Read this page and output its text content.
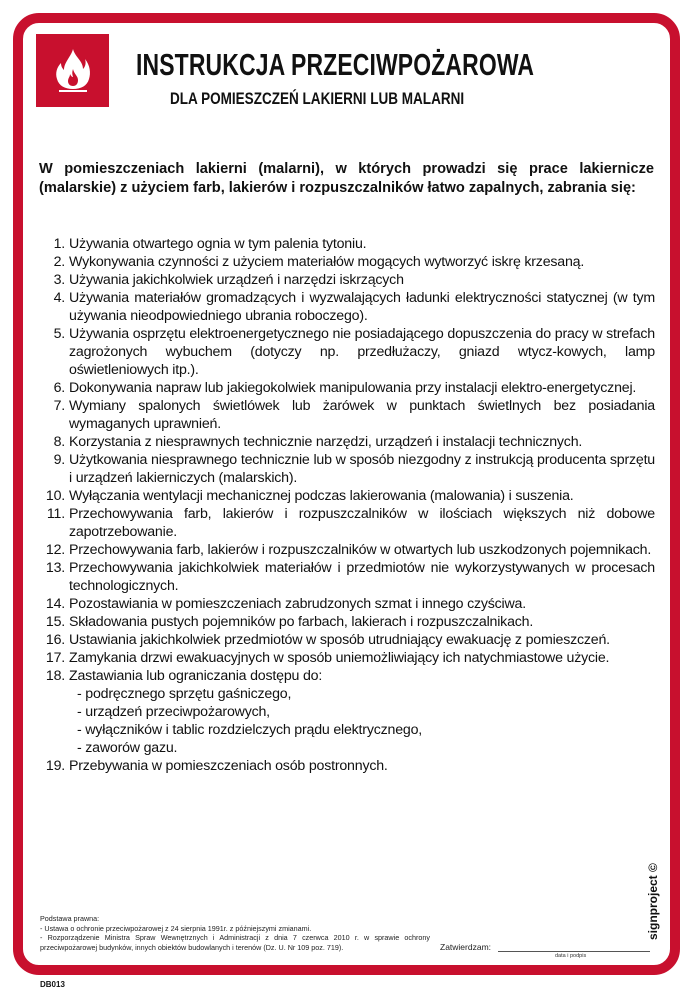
INSTRUKCJA PRZECIWPOŻAROWA
DLA POMIESZCZEŃ LAKIERNI LUB MALARNI
W pomieszczeniach lakierni (malarni), w których prowadzi się prace lakiernicze (malarskie) z użyciem farb, lakierów i rozpuszczalników łatwo zapalnych, zabrania się:
1. Używania otwartego ognia w tym palenia tytoniu.
2. Wykonywania czynności z użyciem materiałów mogących wytworzyć iskrę krzesaną.
3. Używania jakichkolwiek urządzeń i narzędzi iskrzących
4. Używania materiałów gromadzących i wyzwalających ładunki elektryczności statycznej (w tym używania nieodpowiedniego ubrania roboczego).
5. Używania osprzętu elektroenergetycznego nie posiadającego dopuszczenia do pracy w strefach zagrożonych wybuchem (dotyczy np. przedłużaczy, gniazd wtycz-kowych, lamp oświetleniowych itp.).
6. Dokonywania napraw lub jakiegokolwiek manipulowania przy instalacji elektro-energetycznej.
7. Wymiany spalonych świetlówek lub żarówek w punktach świetlnych bez posiadania wymaganych uprawnień.
8. Korzystania z niesprawnych technicznie narzędzi, urządzeń i instalacji technicznych.
9. Użytkowania niesprawnego technicznie lub w sposób niezgodny z instrukcją producenta sprzętu i urządzeń lakierniczych (malarskich).
10. Wyłączania wentylacji mechanicznej podczas lakierowania (malowania) i suszenia.
11. Przechowywania farb, lakierów i rozpuszczalników w ilościach większych niż dobowe zapotrzebowanie.
12. Przechowywania farb, lakierów i rozpuszczalników w otwartych lub uszkodzonych pojemnikach.
13. Przechowywania jakichkolwiek materiałów i przedmiotów nie wykorzystywanych w procesach technologicznych.
14. Pozostawiania w pomieszczeniach zabrudzonych szmat i innego czyściwa.
15. Składowania pustych pojemników po farbach, lakierach i rozpuszczalnikach.
16. Ustawiania jakichkolwiek przedmiotów w sposób utrudniający ewakuację z pomieszczeń.
17. Zamykania drzwi ewakuacyjnych w sposób uniemożliwiający ich natychmiastowe użycie.
18. Zastawiania lub ograniczania dostępu do:
- podręcznego sprzętu gaśniczego,
- urządzeń przeciwpożarowych,
- wyłączników i tablic rozdzielczych prądu elektrycznego,
- zaworów gazu.
19. Przebywania w pomieszczeniach osób postronnych.
Podstawa prawna:
- Ustawa o ochronie przeciwpożarowej z 24 sierpnia 1991r. z późniejszymi zmianami.
- Rozporządzenie Ministra Spraw Wewnętrznych i Administracji z dnia 7 czerwca 2010 r. w sprawie ochrony przeciwpożarowej budynków, innych obiektów budowlanych i terenów (Dz. U. Nr 109 poz. 719).	Zatwierdzam:
data i podpis
signproject ©
DB013
